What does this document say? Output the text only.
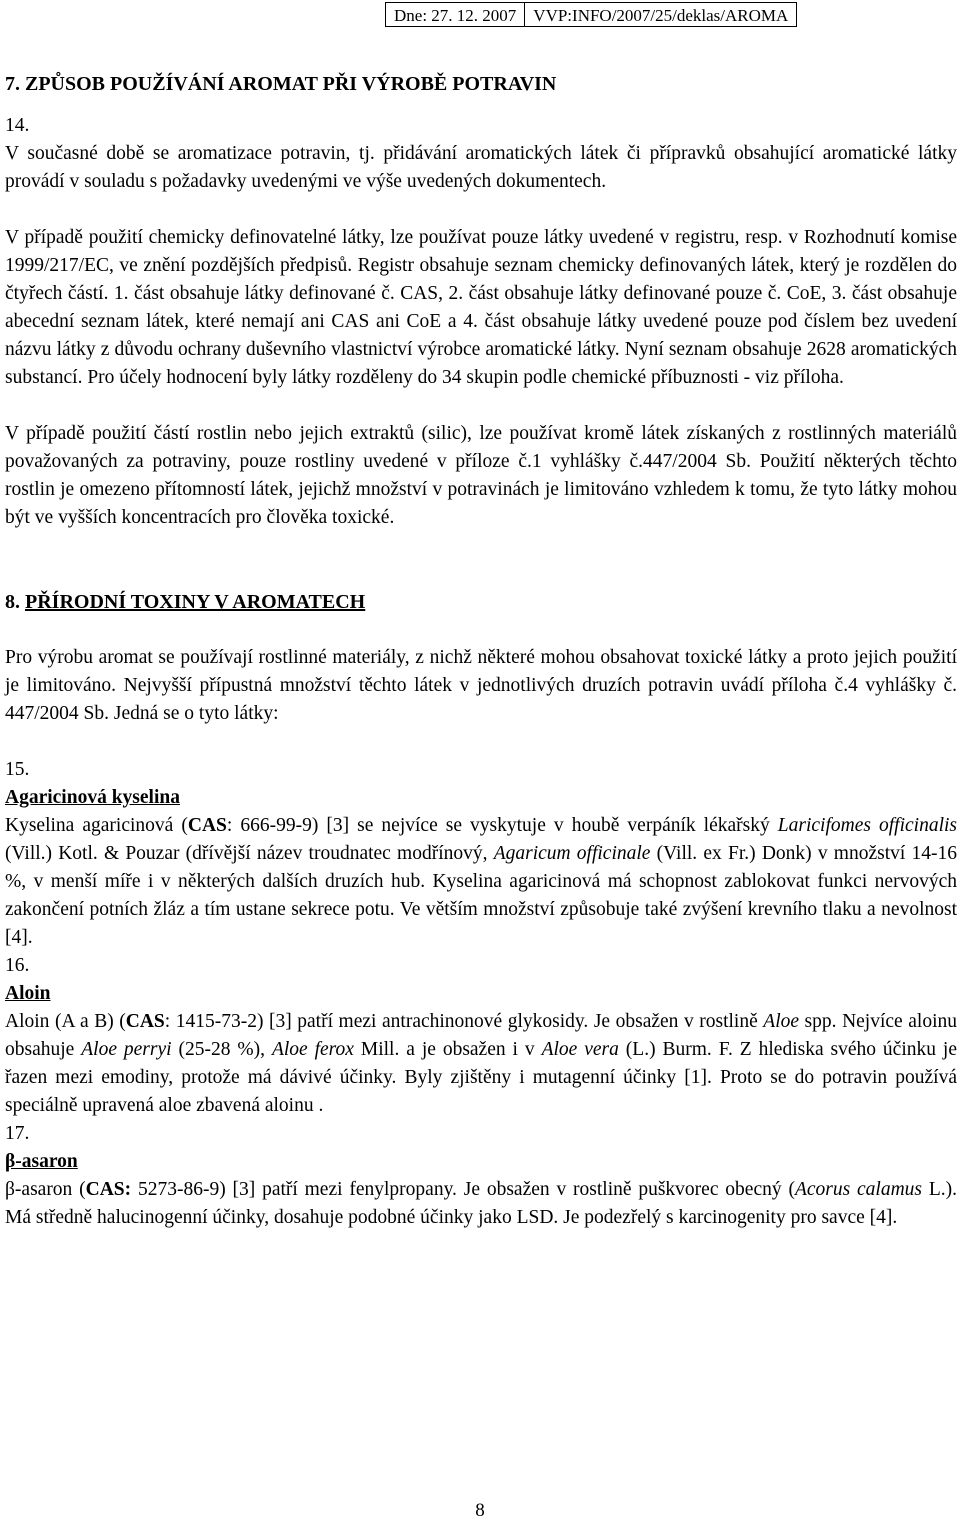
Dne: 27. 12. 2007	VVP:INFO/2007/25/deklas/AROMA
7. ZPŮSOB POUŽÍVÁNÍ AROMAT PŘI VÝROBĚ POTRAVIN

14.

V současné době se aromatizace potravin, tj. přidávání aromatických látek či přípravků obsahující aromatické látky provádí v souladu s požadavky uvedenými ve výše uvedených dokumentech.

V případě použití chemicky definovatelné látky, lze používat pouze látky uvedené v registru, resp. v Rozhodnutí komise 1999/217/EC, ve znění pozdějších předpisů. Registr obsahuje seznam chemicky definovaných látek, který je rozdělen do čtyřech částí. 1. část obsahuje látky definované č. CAS, 2. část obsahuje látky definované pouze č. CoE, 3. část obsahuje abecední seznam látek, které nemají ani CAS ani CoE a 4. část obsahuje látky uvedené pouze pod číslem bez uvedení názvu látky z důvodu ochrany duševního vlastnictví výrobce aromatické látky. Nyní seznam obsahuje 2628 aromatických substancí. Pro účely hodnocení byly látky rozděleny do 34 skupin podle chemické příbuznosti - viz příloha.

V případě použití částí rostlin nebo jejich extraktů (silic), lze používat kromě látek získaných z rostlinných materiálů považovaných za potraviny, pouze rostliny uvedené v příloze č.1 vyhlášky č.447/2004 Sb. Použití některých těchto rostlin je omezeno přítomností látek, jejichž množství v potravinách je limitováno vzhledem k tomu, že tyto látky mohou být ve vyšších koncentracích pro člověka toxické.

8. PŘÍRODNÍ TOXINY V AROMATECH

Pro výrobu aromat se používají rostlinné materiály, z nichž některé mohou obsahovat toxické látky a proto jejich použití je limitováno. Nejvyšší přípustná množství těchto látek v jednotlivých druzích potravin uvádí příloha č.4 vyhlášky č. 447/2004 Sb. Jedná se o tyto látky:

15.

Agaricinová kyselina

Kyselina agaricinová (CAS: 666-99-9) [3] se nejvíce se vyskytuje v houbě verpáník lékařský Laricifomes officinalis (Vill.) Kotl. & Pouzar (dřívější název troudnatec modřínový, Agaricum officinale (Vill. ex Fr.) Donk) v množství 14-16 %, v menší míře i v některých dalších druzích hub. Kyselina agaricinová má schopnost zablokovat funkci nervových zakončení potních žláz a tím ustane sekrece potu. Ve větším množství způsobuje také zvýšení krevního tlaku a nevolnost [4].

16.

Aloin

Aloin (A a B) (CAS: 1415-73-2) [3] patří mezi antrachinonové glykosidy. Je obsažen v rostlině Aloe spp. Nejvíce aloinu obsahuje Aloe perryi (25-28 %), Aloe ferox Mill. a je obsažen i v Aloe vera (L.) Burm. F. Z hlediska svého účinku je řazen mezi emodiny, protože má dávivé účinky. Byly zjištěny i mutagenní účinky [1]. Proto se do potravin používá speciálně upravená aloe zbavená aloinu .

17.

β-asaron

β-asaron (CAS: 5273-86-9) [3] patří mezi fenylpropany. Je obsažen v rostlině puškvorec obecný (Acorus calamus L.). Má středně halucinogenní účinky, dosahuje podobné účinky jako LSD. Je podezřelý s karcinogenity pro savce [4].

8
